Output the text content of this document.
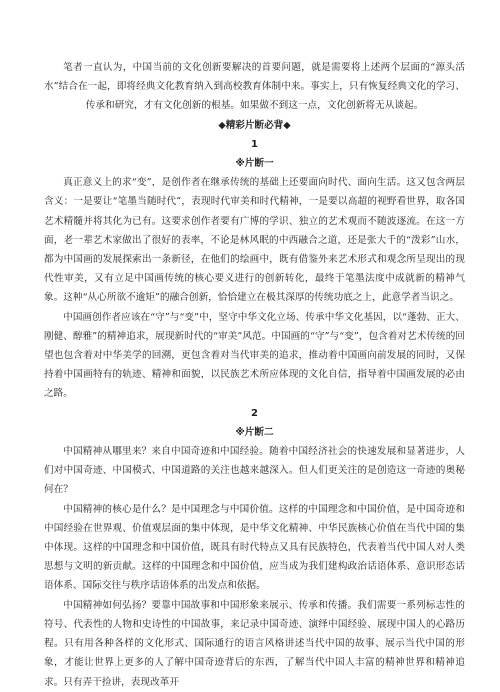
笔者一直认为，中国当前的文化创新要解决的首要问题，就是需要将上述两个层面的“源头活水”结合在一起，即将经典文化教育纳入到高校教育体制中来。事实上，只有恢复经典文化的学习、传承和研究，才有文化创新的根基。如果做不到这一点，文化创新将无从谈起。

◆精彩片断必背◆

1

※片断一

真正意义上的求“变”，是创作者在继承传统的基础上还要面向时代、面向生活。这又包含两层含义：一是要让“笔墨当随时代”，表现时代审美和时代精神，一是要以高超的视野看世界，取各国艺术精髓并将其化为已有。这要求创作者要有广博的学识、独立的艺术观而不随波逐流。在这一方面，老一辈艺术家做出了很好的表率，不论是林风眠的中西融合之道，还是张大千的“泼彩”山水，都为中国画的发展探索出一条新径，在他们的绘画中，既有借鉴外来艺术形式和观念所呈现出的现代性审美，又有立足中国画传统的核心要义进行的创新转化，最终于笔墨法度中成就新的精神气象。这种“从心所欲不逾矩”的融合创新，恰恰建立在极其深厚的传统功底之上，此意学者当识之。

中国画创作者应该在“守”与“变”中，坚守中华文化立场、传承中华文化基因，以“蓬勃、正大、刚健、醇雅”的精神追求，展现新时代的“审美”风范。中国画的“守”与“变”，包含着对艺术传统的回望也包含着对中华美学的回溯，更包含着对当代审美的追求，推动着中国画向前发展的同时，又保持着中国画特有的轨迹、精神和面貌，以民族艺术所应体现的文化自信，指导着中国画发展的必由之路。

2

※片断二

中国精神从哪里来？来自中国奇迹和中国经验。随着中国经济社会的快速发展和显著进步，人们对中国奇迹、中国模式、中国道路的关注也越来越深入。但人们更关注的是创造这一奇迹的奥秘何在？

中国精神的核心是什么？是中国理念与中国价值。这样的中国理念和中国价值，是中国奇迹和中国经验在世界观、价值观层面的集中体现，是中华文化精神、中华民族核心价值在当代中国的集中体现。这样的中国理念和中国价值，既具有时代特点又具有民族特色，代表着当代中国人对人类思想与文明的新贡献。这样的中国理念和中国价值，应当成为我们建构政治话语体系、意识形态话语体系、国际交往与秩序话语体系的出发点和依据。

中国精神如何弘扬？要靠中国故事和中国形象来展示、传承和传播。我们需要一系列标志性的符号、代表性的人物和史诗性的中国故事，来记录中国奇迹、演绎中国经验、展现中国人的心路历程。只有用各种各样的文化形式、国际通行的语言风格讲述当代中国的故事、展示当代中国的形象，才能让世界上更多的人了解中国奇迹背后的东西，了解当代中国人丰富的精神世界和精神追求。只有弄干捡讲，表现改革开
